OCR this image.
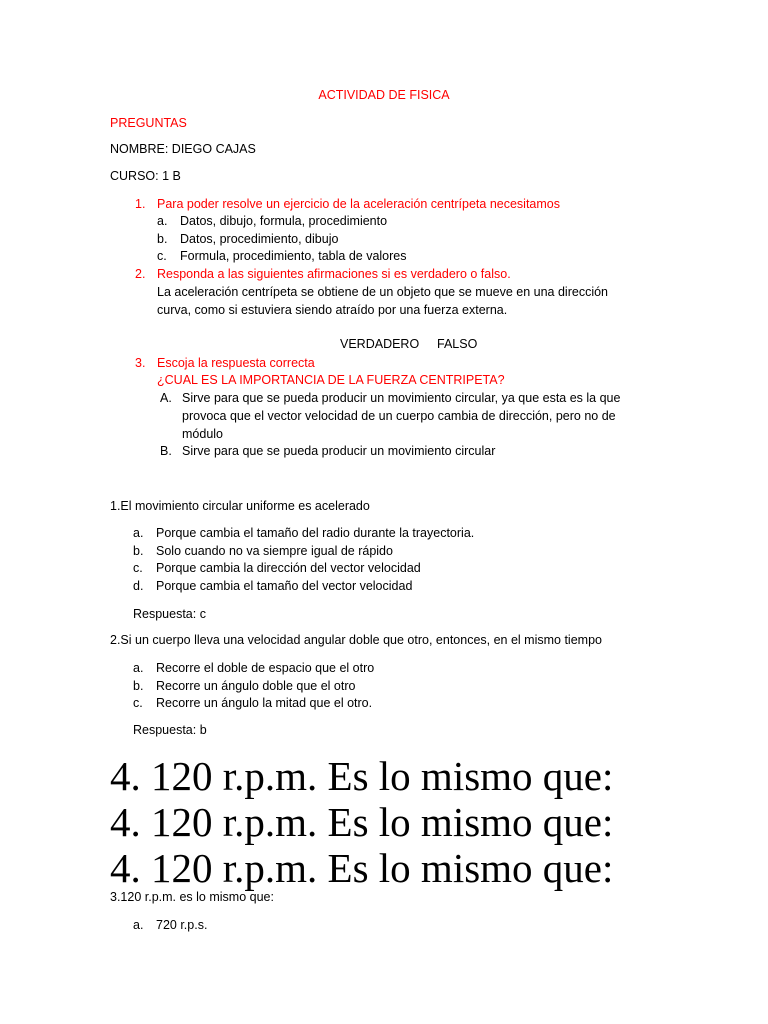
ACTIVIDAD DE FISICA
PREGUNTAS
NOMBRE: DIEGO CAJAS
CURSO: 1 B
1. Para poder resolve un ejercicio de la aceleración centrípeta necesitamos
a. Datos, dibujo, formula, procedimiento
b. Datos, procedimiento, dibujo
c. Formula, procedimiento, tabla de valores
2. Responda a las siguientes afirmaciones si es verdadero o falso.
La aceleración centrípeta se obtiene de un objeto que se mueve en una dirección
curva, como si estuviera siendo atraído por una fuerza externa.
VERDADERO FALSO
3. Escoja la respuesta correcta
¿CUAL ES LA IMPORTANCIA DE LA FUERZA CENTRIPETA?
A. Sirve para que se pueda producir un movimiento circular, ya que esta es la que
provoca que el vector velocidad de un cuerpo cambia de dirección, pero no de
módulo
B. Sirve para que se pueda producir un movimiento circular
1.El movimiento circular uniforme es acelerado
a. Porque cambia el tamaño del radio durante la trayectoria.
b. Solo cuando no va siempre igual de rápido
c. Porque cambia la dirección del vector velocidad
d. Porque cambia el tamaño del vector velocidad
Respuesta: c
2.Si un cuerpo lleva una velocidad angular doble que otro, entonces, en el mismo tiempo
a. Recorre el doble de espacio que el otro
b. Recorre un ángulo doble que el otro
c. Recorre un ángulo la mitad que el otro.
Respuesta: b
4. 120 r.p.m. Es lo mismo que:
4. 120 r.p.m. Es lo mismo que:
4. 120 r.p.m. Es lo mismo que:
3.120 r.p.m. es lo mismo que:
a. 720 r.p.s.
